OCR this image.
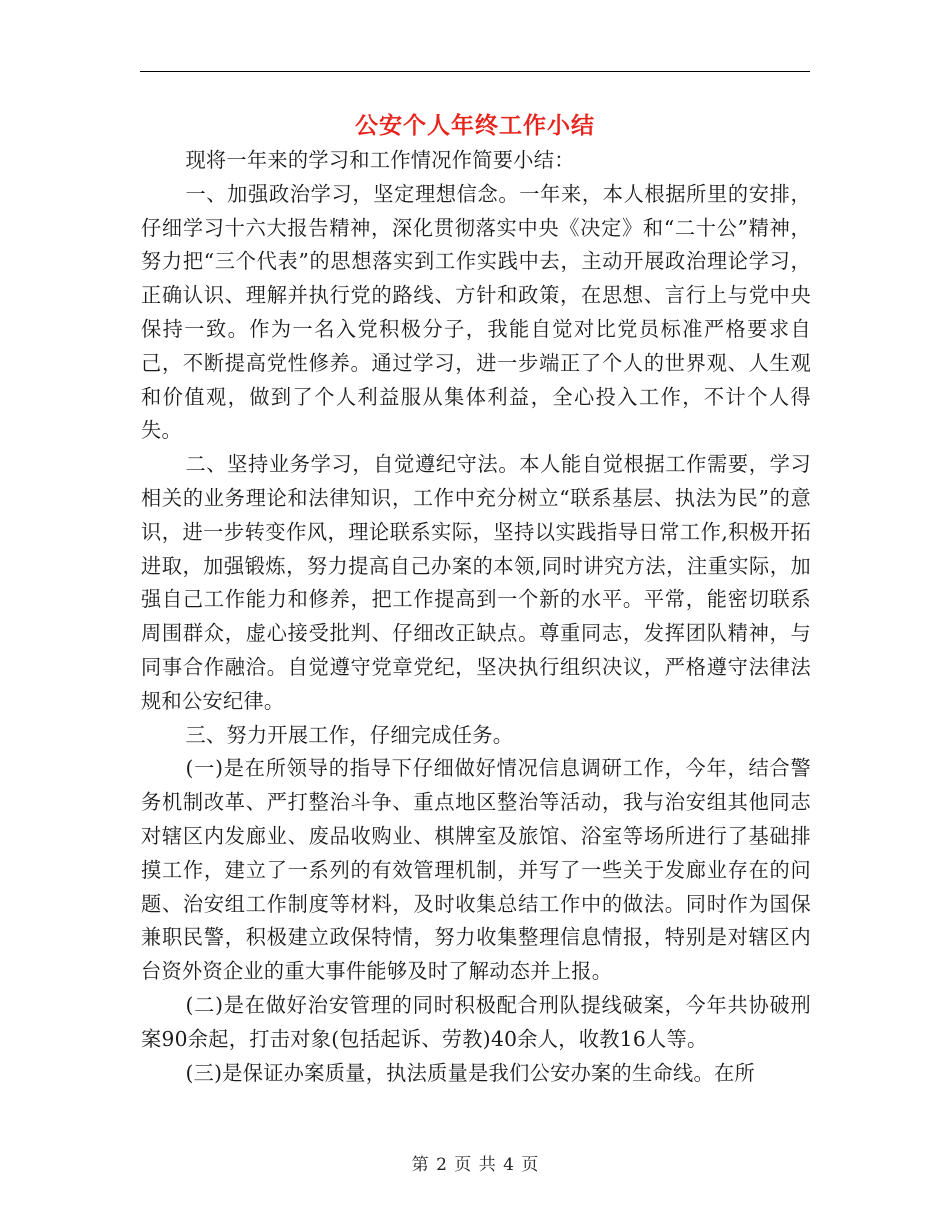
公安个人年终工作小结

现将一年来的学习和工作情况作简要小结：

一、加强政治学习，坚定理想信念。一年来，本人根据所里的安排，仔细学习十六大报告精神，深化贯彻落实中央《决定》和“二十公”精神，努力把“三个代表”的思想落实到工作实践中去，主动开展政治理论学习，正确认识、理解并执行党的路线、方针和政策，在思想、言行上与党中央保持一致。作为一名入党积极分子，我能自觉对比党员标准严格要求自己，不断提高党性修养。通过学习，进一步端正了个人的世界观、人生观和价值观，做到了个人利益服从集体利益，全心投入工作，不计个人得失。

二、坚持业务学习，自觉遵纪守法。本人能自觉根据工作需要，学习相关的业务理论和法律知识，工作中充分树立“联系基层、执法为民”的意识，进一步转变作风，理论联系实际，坚持以实践指导日常工作,积极开拓进取，加强锻炼，努力提高自己办案的本领,同时讲究方法，注重实际，加强自己工作能力和修养，把工作提高到一个新的水平。平常，能密切联系周围群众，虚心接受批判、仔细改正缺点。尊重同志，发挥团队精神，与同事合作融洽。自觉遵守党章党纪，坚决执行组织决议，严格遵守法律法规和公安纪律。

三、努力开展工作，仔细完成任务。

(一)是在所领导的指导下仔细做好情况信息调研工作，今年，结合警务机制改革、严打整治斗争、重点地区整治等活动，我与治安组其他同志对辖区内发廊业、废品收购业、棋牌室及旅馆、浴室等场所进行了基础排摸工作，建立了一系列的有效管理机制，并写了一些关于发廊业存在的问题、治安组工作制度等材料，及时收集总结工作中的做法。同时作为国保兼职民警，积极建立政保特情，努力收集整理信息情报，特别是对辖区内台资外资企业的重大事件能够及时了解动态并上报。

(二)是在做好治安管理的同时积极配合刑队提线破案，今年共协破刑案90余起，打击对象(包括起诉、劳教)40余人，收教16人等。

(三)是保证办案质量，执法质量是我们公安办案的生命线。在所

第 2 页 共 4 页
